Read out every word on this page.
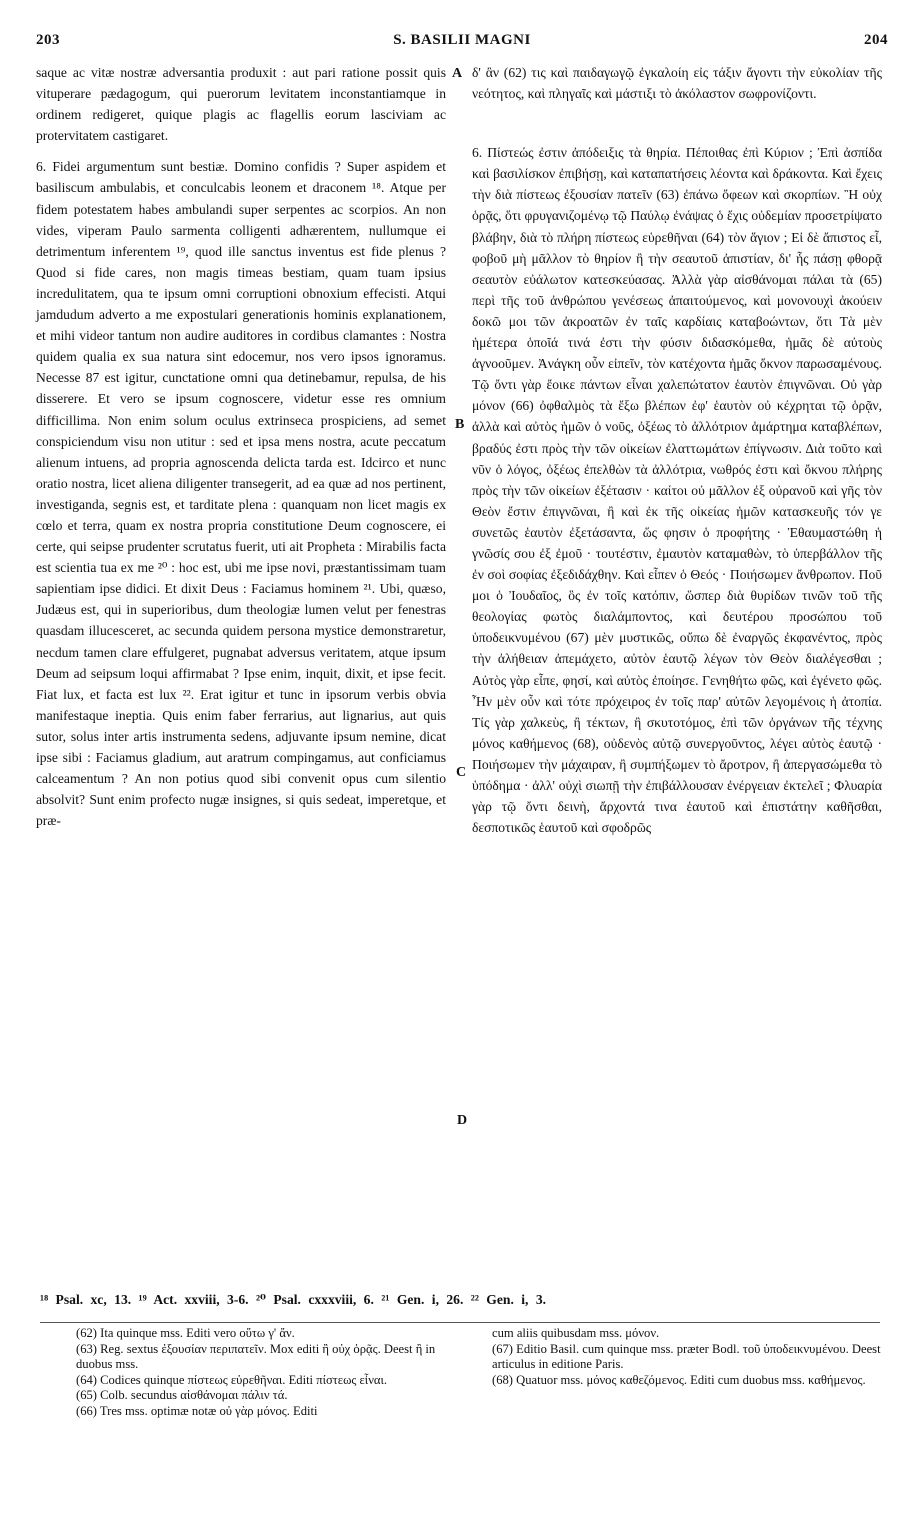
203	S. BASILII MAGNI	204

saque ac vitæ nostræ adversantia produxit : aut pari ratione possit quis vituperare pædagogum, qui puerorum levitatem inconstantiamque in ordinem redigeret, quique plagis ac flagellis eorum lasciviam ac protervitatem castigaret.

6. Fidei argumentum sunt bestiæ. Domino confidis ? Super aspidem et basiliscum ambulabis, et conculcabis leonem et draconem ¹⁸. Atque per fidem potestatem habes ambulandi super serpentes ac scorpios. An non vides, viperam Paulo sarmenta colligenti adhærentem, nullumque ei detrimentum inferentem ¹⁹, quod ille sanctus inventus est fide plenus ? Quod si fide cares, non magis timeas bestiam, quam tuam ipsius incredulitatem, qua te ipsum omni corruptioni obnoxium effecisti. Atqui jamdudum adverto a me expostulari generationis hominis explanationem, et mihi videor tantum non audire auditores in cordibus clamantes : Nostra quidem qualia ex sua natura sint edocemur, nos vero ipsos ignoramus. Necesse 87 est igitur, cunctatione omni qua detinebamur, repulsa, de his disserere. Et vero se ipsum cognoscere, videtur esse res omnium difficillima. Non enim solum oculus extrinseca prospiciens, ad semet conspiciendum visu non utitur : sed et ipsa mens nostra, acute peccatum alienum intuens, ad propria agnoscenda delicta tarda est. Idcirco et nunc oratio nostra, licet aliena diligenter transegerit, ad ea quæ ad nos pertinent, investiganda, segnis est, et tarditate plena : quanquam non licet magis ex cœlo et terra, quam ex nostra propria constitutione Deum cognoscere, ei certe, qui seipse prudenter scrutatus fuerit, uti ait Propheta : Mirabilis facta est scientia tua ex me ²⁰ : hoc est, ubi me ipse novi, præstantissimam tuam sapientiam ipse didici. Et dixit Deus : Faciamus hominem ²¹. Ubi, quæso, Judæus est, qui in superioribus, dum theologiæ lumen velut per fenestras quasdam illucesceret, ac secunda quidem persona mystice demonstraretur, necdum tamen clare effulgeret, pugnabat adversus veritatem, atque ipsum Deum ad seipsum loqui affirmabat ? Ipse enim, inquit, dixit, et ipse fecit. Fiat lux, et facta est lux ²². Erat igitur et tunc in ipsorum verbis obvia manifestaque ineptia. Quis enim faber ferrarius, aut lignarius, aut quis sutor, solus inter artis instrumenta sedens, adjuvante ipsum nemine, dicat ipse sibi : Faciamus gladium, aut aratrum compingamus, aut conficiamus calceamentum ? An non potius quod sibi convenit opus cum silentio absolvit? Sunt enim profecto nugæ insignes, si quis sedeat, imperetque, et præ-

A
B
C
D

δ' ἂν (62) τις καὶ παιδαγωγῷ ἐγκαλοίη εἰς τάξιν ἄγοντι τὴν εὐκολίαν τῆς νεότητος, καὶ πληγαῖς καὶ μάστιξι τὸ ἀκόλαστον σωφρονίζοντι.

6. Πίστεώς ἐστιν ἀπόδειξις τὰ θηρία. Πέποιθας ἐπὶ Κύριον ; Ἐπὶ ἀσπίδα καὶ βασιλίσκον ἐπιβήσῃ, καὶ καταπατήσεις λέοντα καὶ δράκοντα. Καὶ ἔχεις τὴν διὰ πίστεως ἐξουσίαν πατεῖν (63) ἐπάνω ὄφεων καὶ σκορπίων. Ἢ οὐχ ὁρᾷς, ὅτι φρυγανιζομένῳ τῷ Παύλῳ ἐνάψας ὁ ἔχις οὐδεμίαν προσετρίψατο βλάβην, διὰ τὸ πλήρη πίστεως εὑρεθῆναι (64) τὸν ἅγιον ; Εἰ δὲ ἄπιστος εἶ, φοβοῦ μὴ μᾶλλον τὸ θηρίον ἢ τὴν σεαυτοῦ ἀπιστίαν, δι' ἧς πάσῃ φθορᾷ σεαυτὸν εὐάλωτον κατεσκεύασας. Ἀλλὰ γὰρ αἰσθάνομαι πάλαι τὰ (65) περὶ τῆς τοῦ ἀνθρώπου γενέσεως ἀπαιτούμενος, καὶ μονονουχὶ ἀκούειν δοκῶ μοι τῶν ἀκροατῶν ἐν ταῖς καρδίαις καταβοώντων, ὅτι Τὰ μὲν ἡμέτερα ὁποῖά τινά ἐστι τὴν φύσιν διδασκόμεθα, ἡμᾶς δὲ αὐτοὺς ἀγνοοῦμεν. Ἀνάγκη οὖν εἰπεῖν, τὸν κατέχοντα ἡμᾶς ὄκνον παρωσαμένους. Τῷ ὄντι γὰρ ἔοικε πάντων εἶναι χαλεπώτατον ἑαυτὸν ἐπιγνῶναι. Οὐ γὰρ μόνον (66) ὀφθαλμὸς τὰ ἔξω βλέπων ἐφ' ἑαυτὸν οὐ κέχρηται τῷ ὁρᾷν, ἀλλὰ καὶ αὐτὸς ἡμῶν ὁ νοῦς, ὀξέως τὸ ἀλλότριον ἁμάρτημα καταβλέπων, βραδύς ἐστι πρὸς τὴν τῶν οἰκείων ἐλαττωμάτων ἐπίγνωσιν. Διὰ τοῦτο καὶ νῦν ὁ λόγος, ὀξέως ἐπελθὼν τὰ ἀλλότρια, νωθρός ἐστι καὶ ὄκνου πλήρης πρὸς τὴν τῶν οἰκείων ἐξέτασιν · καίτοι οὐ μᾶλλον ἐξ οὐρανοῦ καὶ γῆς τὸν Θεὸν ἔστιν ἐπιγνῶναι, ἢ καὶ ἐκ τῆς οἰκείας ἡμῶν κατασκευῆς τόν γε συνετῶς ἑαυτὸν ἐξετάσαντα, ὥς φησιν ὁ προφήτης · Ἐθαυμαστώθη ἡ γνῶσίς σου ἐξ ἐμοῦ · τουτέστιν, ἐμαυτὸν καταμαθὼν, τὸ ὑπερβάλλον τῆς ἐν σοὶ σοφίας ἐξεδιδάχθην. Καὶ εἶπεν ὁ Θεός · Ποιήσωμεν ἄνθρωπον. Ποῦ μοι ὁ Ἰουδαῖος, ὃς ἐν τοῖς κατόπιν, ὥσπερ διὰ θυρίδων τινῶν τοῦ τῆς θεολογίας φωτὸς διαλάμποντος, καὶ δευτέρου προσώπου τοῦ ὑποδεικνυμένου (67) μὲν μυστικῶς, οὔπω δὲ ἐναργῶς ἐκφανέντος, πρὸς τὴν ἀλήθειαν ἀπεμάχετο, αὐτὸν ἑαυτῷ λέγων τὸν Θεὸν διαλέγεσθαι ; Αὐτὸς γὰρ εἶπε, φησί, καὶ αὐτὸς ἐποίησε. Γενηθήτω φῶς, καὶ ἐγένετο φῶς. Ἦν μὲν οὖν καὶ τότε πρόχειρος ἐν τοῖς παρ' αὐτῶν λεγομένοις ἡ ἀτοπία. Τίς γὰρ χαλκεὺς, ἢ τέκτων, ἢ σκυτοτόμος, ἐπὶ τῶν ὀργάνων τῆς τέχνης μόνος καθήμενος (68), οὐδενὸς αὐτῷ συνεργοῦντος, λέγει αὐτὸς ἑαυτῷ · Ποιήσωμεν τὴν μάχαιραν, ἢ συμπήξωμεν τὸ ἄροτρον, ἢ ἀπεργασώμεθα τὸ ὑπόδημα · ἀλλ' οὐχὶ σιωπῇ τὴν ἐπιβάλλουσαν ἐνέργειαν ἐκτελεῖ ; Φλυαρία γὰρ τῷ ὄντι δεινὴ, ἄρχοντά τινα ἑαυτοῦ καὶ ἐπιστάτην καθῆσθαι, δεσποτικῶς ἑαυτοῦ καὶ σφοδρῶς

¹⁸ Psal. xc, 13. ¹⁹ Act. xxviii, 3-6. ²⁰ Psal. cxxxviii, 6. ²¹ Gen. i, 26. ²² Gen. i, 3.

(62) Ita quinque mss. Editi vero οὕτω γ' ἄν.

(63) Reg. sextus ἐξουσίαν περιπατεῖν. Mox editi ἢ οὐχ ὁρᾷς. Deest ἢ in duobus mss.

(64) Codices quinque πίστεως εὑρεθῆναι. Editi πίστεως εἶναι.

(65) Colb. secundus αἰσθάνομαι πάλιν τά.

(66) Tres mss. optimæ notæ οὐ γὰρ μόνος. Editi

cum aliis quibusdam mss. μόνον.

(67) Editio Basil. cum quinque mss. præter Bodl. τοῦ ὑποδεικνυμένου. Deest articulus in editione Paris.

(68) Quatuor mss. μόνος καθεζόμενος. Editi cum duobus mss. καθήμενος.
